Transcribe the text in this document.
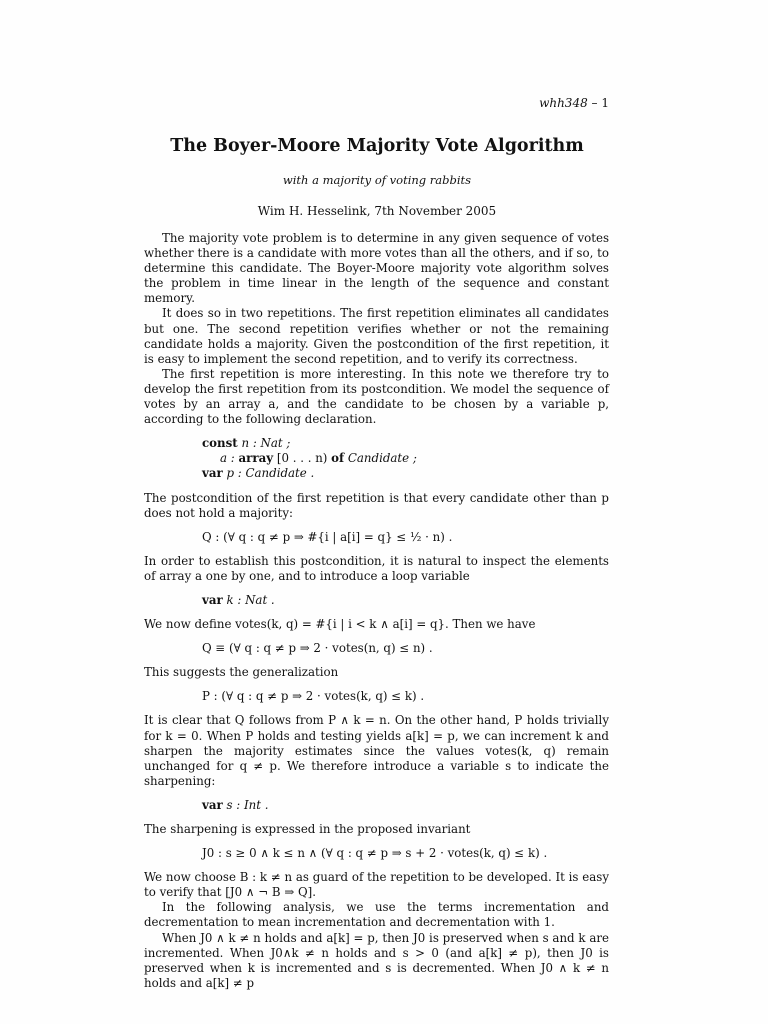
whh348 – 1
The Boyer-Moore Majority Vote Algorithm
with a majority of voting rabbits
Wim H. Hesselink, 7th November 2005

The majority vote problem is to determine in any given sequence of votes whether there is a candidate with more votes than all the others, and if so, to determine this candidate. The Boyer-Moore majority vote algorithm solves the problem in time linear in the length of the sequence and constant memory.

It does so in two repetitions. The first repetition eliminates all candidates but one. The second repetition verifies whether or not the remaining candidate holds a majority. Given the postcondition of the first repetition, it is easy to implement the second repetition, and to verify its correctness.

The first repetition is more interesting. In this note we therefore try to develop the first repetition from its postcondition. We model the sequence of votes by an array a, and the candidate to be chosen by a variable p, according to the following declaration.

const n : Nat ;
a : array [0 . . . n) of Candidate ;
var p : Candidate .

The postcondition of the first repetition is that every candidate other than p does not hold a majority:

Q : (∀ q : q ≠ p ⇒ #{i | a[i] = q} ≤ ½ · n) .

In order to establish this postcondition, it is natural to inspect the elements of array a one by one, and to introduce a loop variable

var k : Nat .

We now define votes(k, q) = #{i | i < k ∧ a[i] = q}. Then we have

Q ≡ (∀ q : q ≠ p ⇒ 2 · votes(n, q) ≤ n) .

This suggests the generalization

P : (∀ q : q ≠ p ⇒ 2 · votes(k, q) ≤ k) .

It is clear that Q follows from P ∧ k = n. On the other hand, P holds trivially for k = 0. When P holds and testing yields a[k] = p, we can increment k and sharpen the majority estimates since the values votes(k, q) remain unchanged for q ≠ p. We therefore introduce a variable s to indicate the sharpening:

var s : Int .

The sharpening is expressed in the proposed invariant

J0 : s ≥ 0 ∧ k ≤ n ∧ (∀ q : q ≠ p ⇒ s + 2 · votes(k, q) ≤ k) .

We now choose B : k ≠ n as guard of the repetition to be developed. It is easy to verify that [J0 ∧ ¬ B ⇒ Q].

In the following analysis, we use the terms incrementation and decrementation to mean incrementation and decrementation with 1.

When J0 ∧ k ≠ n holds and a[k] = p, then J0 is preserved when s and k are incremented. When J0∧k ≠ n holds and s > 0 (and a[k] ≠ p), then J0 is preserved when k is incremented and s is decremented. When J0 ∧ k ≠ n holds and a[k] ≠ p
